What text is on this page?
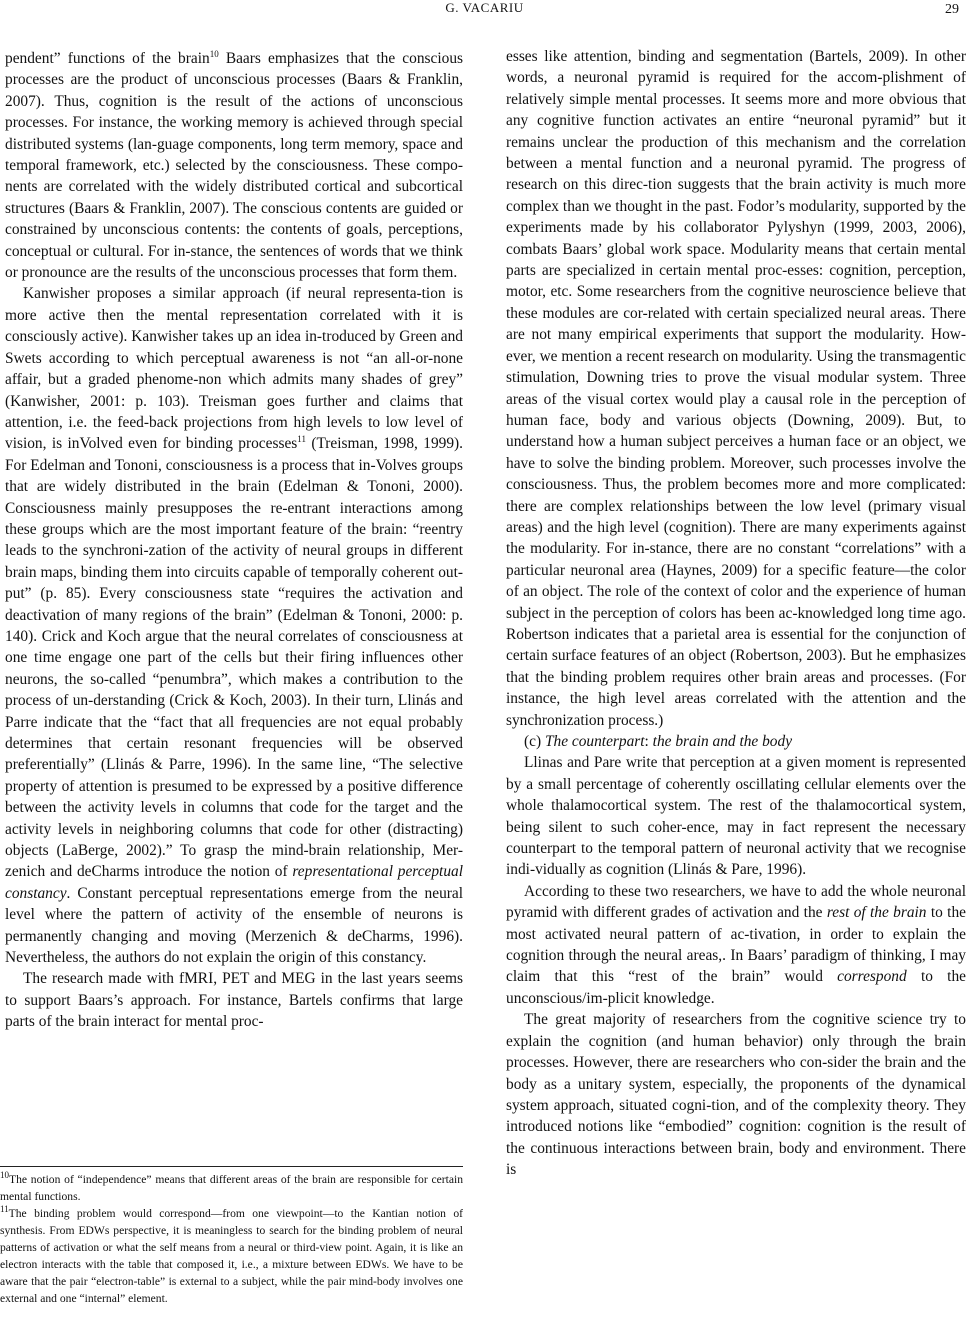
G. VACARIU	29

pendent” functions of the brain$^{10}$ Baars emphasizes that the conscious processes are the product of unconscious processes (Baars & Franklin, 2007). Thus, cognition is the result of the actions of unconscious processes. For instance, the working memory is achieved through special distributed systems (lan-guage components, long term memory, space and temporal framework, etc.) selected by the consciousness. These compo-nents are correlated with the widely distributed cortical and subcortical structures (Baars & Franklin, 2007). The conscious contents are guided or constrained by unconscious contents: the contents of goals, perceptions, conceptual or cultural. For in-stance, the sentences of words that we think or pronounce are the results of the unconscious processes that form them.

Kanwisher proposes a similar approach (if neural representa-tion is more active then the mental representation correlated with it is consciously active). Kanwisher takes up an idea in-troduced by Green and Swets according to which perceptual awareness is not “an all-or-none affair, but a graded phenome-non which admits many shades of grey” (Kanwisher, 2001: p. 103). Treisman goes further and claims that attention, i.e. the feed-back projections from high levels to low level of vision, is inVolved even for binding processes$^{11}$ (Treisman, 1998, 1999). For Edelman and Tononi, consciousness is a process that in-Volves groups that are widely distributed in the brain (Edelman & Tononi, 2000). Consciousness mainly presupposes the re-entrant interactions among these groups which are the most important feature of the brain: “reentry leads to the synchroni-zation of the activity of neural groups in different brain maps, binding them into circuits capable of temporally coherent out-put” (p. 85). Every consciousness state “requires the activation and deactivation of many regions of the brain” (Edelman & Tononi, 2000: p. 140). Crick and Koch argue that the neural correlates of consciousness at one time engage one part of the cells but their firing influences other neurons, the so-called “penumbra”, which makes a contribution to the process of un-derstanding (Crick & Koch, 2003). In their turn, Llinás and Parre indicate that the “fact that all frequencies are not equal probably determines that certain resonant frequencies will be observed preferentially” (Llinás & Parre, 1996). In the same line, “The selective property of attention is presumed to be expressed by a positive difference between the activity levels in columns that code for the target and the activity levels in neighboring columns that code for other (distracting) objects (LaBerge, 2002).” To grasp the mind-brain relationship, Mer-zenich and deCharms introduce the notion of representational perceptual constancy. Constant perceptual representations emerge from the neural level where the pattern of activity of the ensemble of neurons is permanently changing and moving (Merzenich & deCharms, 1996). Nevertheless, the authors do not explain the origin of this constancy.

The research made with fMRI, PET and MEG in the last years seems to support Baars’s approach. For instance, Bartels confirms that large parts of the brain interact for mental proc-

$^{10}$The notion of “independence” means that different areas of the brain are responsible for certain mental functions.

$^{11}$The binding problem would correspond—from one viewpoint—to the Kantian notion of synthesis. From EDWs perspective, it is meaningless to search for the binding problem of neural patterns of activation or what the self means from a neural or third-view point. Again, it is like an electron interacts with the table that composed it, i.e., a mixture between EDWs. We have to be aware that the pair “electron-table” is external to a subject, while the pair mind-body involves one external and one “internal” element.

esses like attention, binding and segmentation (Bartels, 2009). In other words, a neuronal pyramid is required for the accom-plishment of relatively simple mental processes. It seems more and more obvious that any cognitive function activates an entire “neuronal pyramid” but it remains unclear the production of this mechanism and the correlation between a mental function and a neuronal pyramid. The progress of research on this direc-tion suggests that the brain activity is much more complex than we thought in the past. Fodor’s modularity, supported by the experiments made by his collaborator Pylyshyn (1999, 2003, 2006), combats Baars’ global work space. Modularity means that certain mental parts are specialized in certain mental proc-esses: cognition, perception, motor, etc. Some researchers from the cognitive neuroscience believe that these modules are cor-related with certain specialized neural areas. There are not many empirical experiments that support the modularity. How-ever, we mention a recent research on modularity. Using the transmagentic stimulation, Downing tries to prove the visual modular system. Three areas of the visual cortex would play a causal role in the perception of human face, body and various objects (Downing, 2009). But, to understand how a human subject perceives a human face or an object, we have to solve the binding problem. Moreover, such processes involve the consciousness. Thus, the problem becomes more and more complicated: there are complex relationships between the low level (primary visual areas) and the high level (cognition). There are many experiments against the modularity. For in-stance, there are no constant “correlations” with a particular neuronal area (Haynes, 2009) for a specific feature—the color of an object. The role of the context of color and the experience of human subject in the perception of colors has been ac-knowledged long time ago. Robertson indicates that a parietal area is essential for the conjunction of certain surface features of an object (Robertson, 2003). But he emphasizes that the binding problem requires other brain areas and processes. (For instance, the high level areas correlated with the attention and the synchronization process.)

(c) The counterpart: the brain and the body

Llinas and Pare write that perception at a given moment is represented by a small percentage of coherently oscillating cellular elements over the whole thalamocortical system. The rest of the thalamocortical system, being silent to such coher-ence, may in fact represent the necessary counterpart to the temporal pattern of neuronal activity that we recognise indi-vidually as cognition (Llinás & Pare, 1996).

According to these two researchers, we have to add the whole neuronal pyramid with different grades of activation and the rest of the brain to the most activated neural pattern of ac-tivation, in order to explain the cognition through the neural areas,. In Baars’ paradigm of thinking, I may claim that this “rest of the brain” would correspond to the unconscious/im-plicit knowledge.

The great majority of researchers from the cognitive science try to explain the cognition (and human behavior) only through the brain processes. However, there are researchers who con-sider the brain and the body as a unitary system, especially, the proponents of the dynamical system approach, situated cogni-tion, and of the complexity theory. They introduced notions like “embodied” cognition: cognition is the result of the continuous interactions between brain, body and environment. There is
